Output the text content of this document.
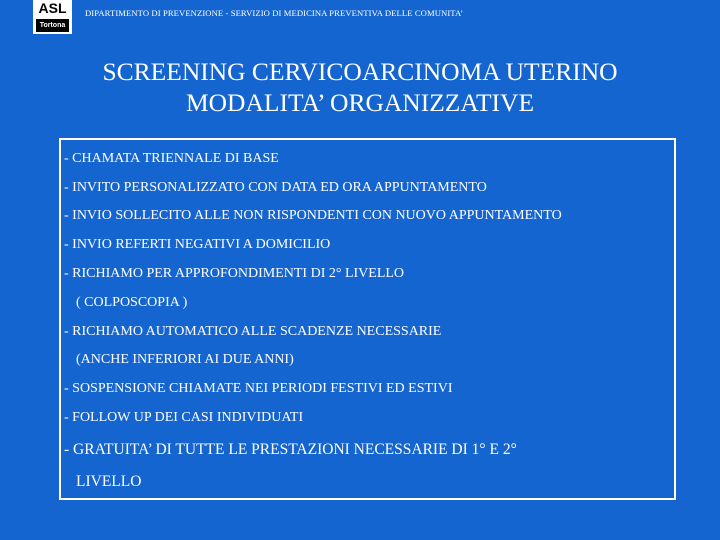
ASL
Tortona
DIPARTIMENTO DI PREVENZIONE - SERVIZIO DI MEDICINA PREVENTIVA DELLE COMUNITA’
SCREENING CERVICOARCINOMA UTERINO
MODALITA’ ORGANIZZATIVE
- CHAMATA TRIENNALE DI BASE
- INVITO PERSONALIZZATO CON DATA ED ORA APPUNTAMENTO
- INVIO SOLLECITO ALLE NON RISPONDENTI CON NUOVO APPUNTAMENTO
- INVIO REFERTI NEGATIVI A DOMICILIO
- RICHIAMO PER APPROFONDIMENTI DI 2° LIVELLO
( COLPOSCOPIA )
- RICHIAMO AUTOMATICO ALLE SCADENZE NECESSARIE
(ANCHE INFERIORI AI DUE ANNI)
- SOSPENSIONE CHIAMATE NEI PERIODI FESTIVI ED ESTIVI
- FOLLOW UP DEI CASI INDIVIDUATI
- GRATUITA’ DI TUTTE LE PRESTAZIONI NECESSARIE DI 1° E 2°
LIVELLO
